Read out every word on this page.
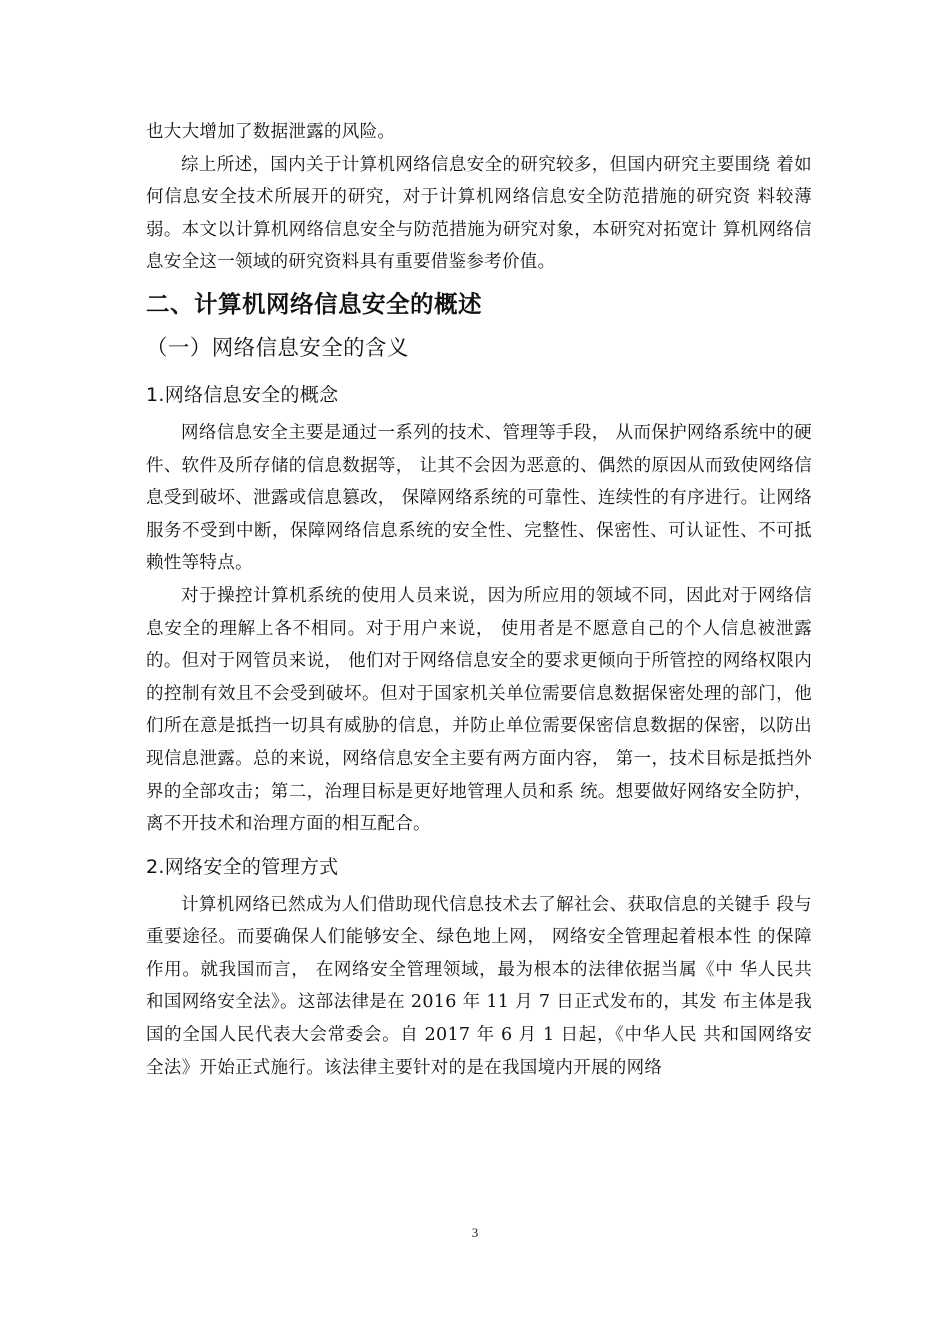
也大大增加了数据泄露的风险。

综上所述，国内关于计算机网络信息安全的研究较多，但国内研究主要围绕 着如何信息安全技术所展开的研究，对于计算机网络信息安全防范措施的研究资 料较薄弱。本文以计算机网络信息安全与防范措施为研究对象，本研究对拓宽计 算机网络信息安全这一领域的研究资料具有重要借鉴参考价值。

二、计算机网络信息安全的概述
（一）网络信息安全的含义
1.网络信息安全的概念

网络信息安全主要是通过一系列的技术、管理等手段， 从而保护网络系统中的硬件、软件及所存储的信息数据等， 让其不会因为恶意的、偶然的原因从而致使网络信息受到破坏、泄露或信息篡改， 保障网络系统的可靠性、连续性的有序进行。让网络服务不受到中断，保障网络信息系统的安全性、完整性、保密性、可认证性、不可抵赖性等特点。

对于操控计算机系统的使用人员来说，因为所应用的领域不同，因此对于网络信息安全的理解上各不相同。对于用户来说， 使用者是不愿意自己的个人信息被泄露的。但对于网管员来说， 他们对于网络信息安全的要求更倾向于所管控的网络权限内的控制有效且不会受到破坏。但对于国家机关单位需要信息数据保密处理的部门，他们所在意是抵挡一切具有威胁的信息，并防止单位需要保密信息数据的保密，以防出现信息泄露。总的来说，网络信息安全主要有两方面内容， 第一，技术目标是抵挡外界的全部攻击；第二，治理目标是更好地管理人员和系 统。想要做好网络安全防护，离不开技术和治理方面的相互配合。

2.网络安全的管理方式

计算机网络已然成为人们借助现代信息技术去了解社会、获取信息的关键手 段与重要途径。而要确保人们能够安全、绿色地上网， 网络安全管理起着根本性 的保障作用。就我国而言， 在网络安全管理领域，最为根本的法律依据当属《中 华人民共和国网络安全法》。这部法律是在 2016 年 11 月 7 日正式发布的，其发 布主体是我国的全国人民代表大会常委会。自 2017 年 6 月 1 日起，《中华人民 共和国网络安全法》开始正式施行。该法律主要针对的是在我国境内开展的网络

3
